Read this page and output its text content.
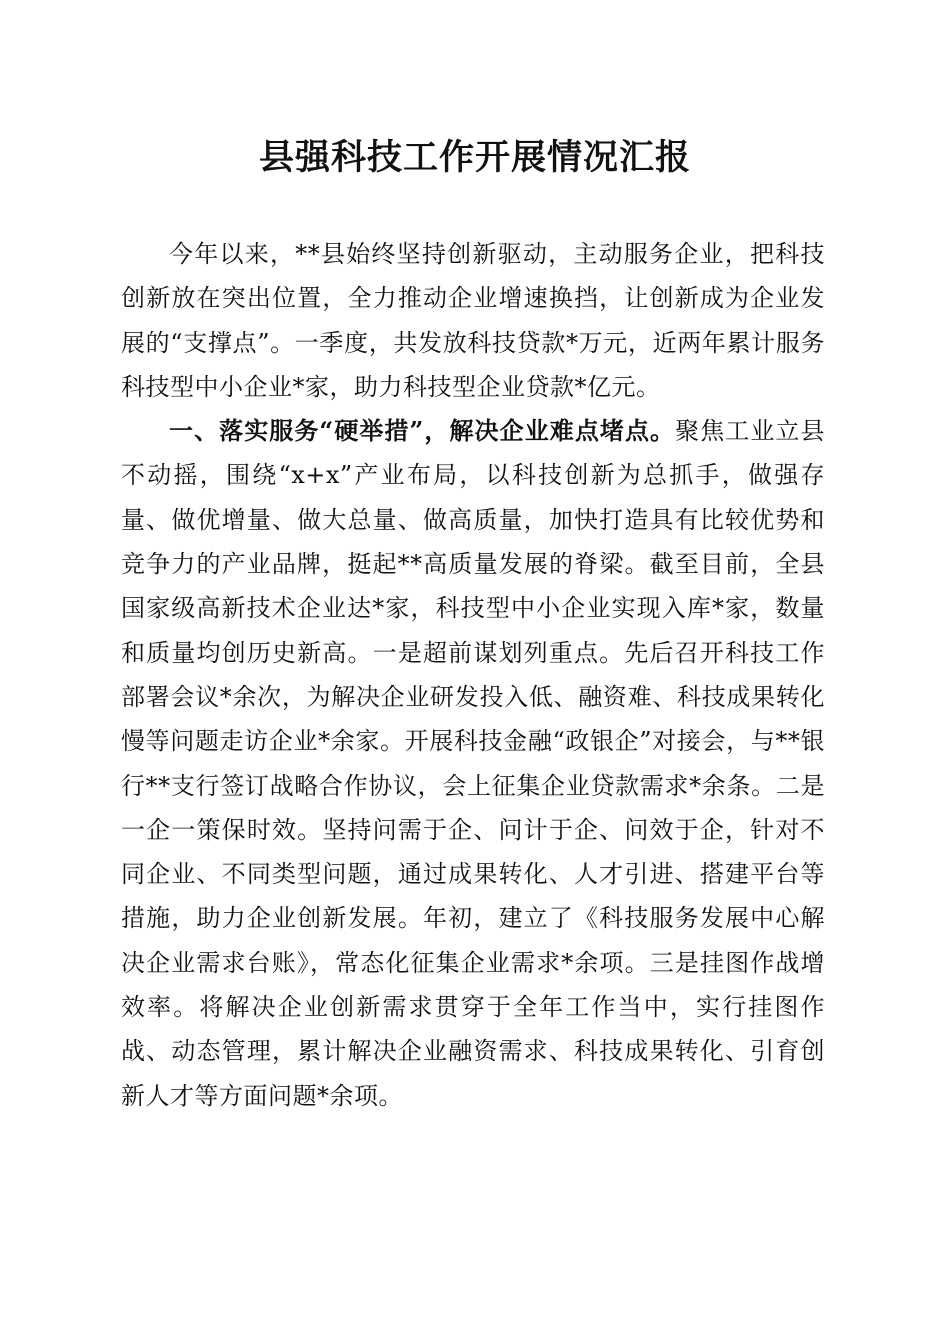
县强科技工作开展情况汇报

今年以来，**县始终坚持创新驱动，主动服务企业，把科技创新放在突出位置，全力推动企业增速换挡，让创新成为企业发展的“支撑点”。一季度，共发放科技贷款*万元，近两年累计服务科技型中小企业*家，助力科技型企业贷款*亿元。

一、落实服务“硬举措”，解决企业难点堵点。聚焦工业立县不动摇，围绕“x+x”产业布局，以科技创新为总抓手，做强存量、做优增量、做大总量、做高质量，加快打造具有比较优势和竞争力的产业品牌，挺起**高质量发展的脊梁。截至目前，全县国家级高新技术企业达*家，科技型中小企业实现入库*家，数量和质量均创历史新高。一是超前谋划列重点。先后召开科技工作部署会议*余次，为解决企业研发投入低、融资难、科技成果转化慢等问题走访企业*余家。开展科技金融“政银企”对接会，与**银行**支行签订战略合作协议，会上征集企业贷款需求*余条。二是一企一策保时效。坚持问需于企、问计于企、问效于企，针对不同企业、不同类型问题，通过成果转化、人才引进、搭建平台等措施，助力企业创新发展。年初，建立了《科技服务发展中心解决企业需求台账》，常态化征集企业需求*余项。三是挂图作战增效率。将解决企业创新需求贯穿于全年工作当中，实行挂图作战、动态管理，累计解决企业融资需求、科技成果转化、引育创新人才等方面问题*余项。
